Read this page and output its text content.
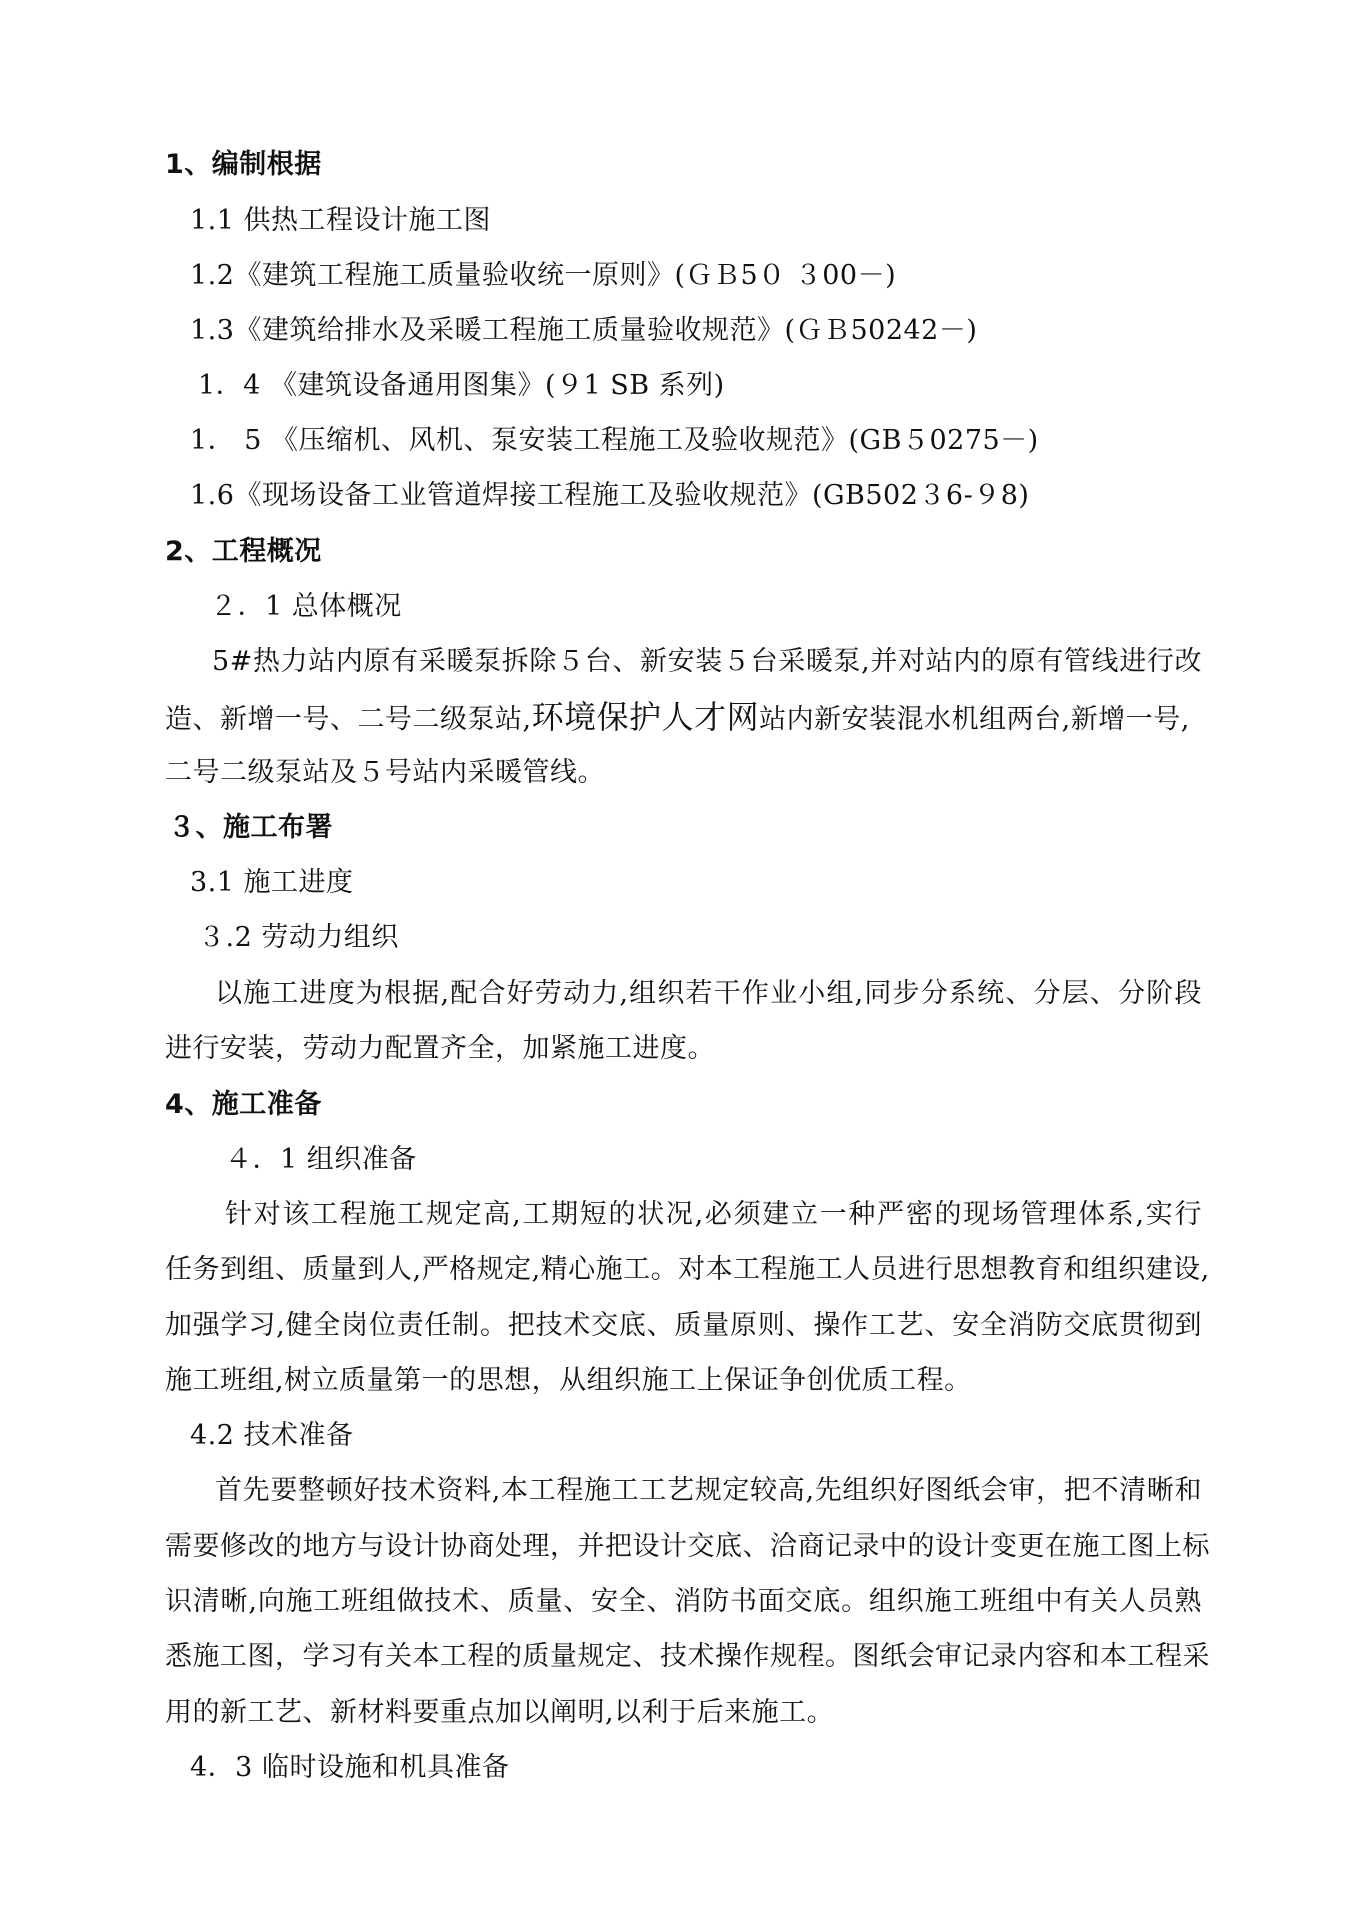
1、编制根据
1.1 供热工程设计施工图
1.2《建筑工程施工质量验收统一原则》(ＧＢ5０ ３00－)
1.3《建筑给排水及采暖工程施工质量验收规范》(ＧＢ50242－)
1．4 《建筑设备通用图集》(９1 SB 系列)
1． 5 《压缩机、风机、泵安装工程施工及验收规范》(GB５0275－)
1.6《现场设备工业管道焊接工程施工及验收规范》(GB502３6-９8)
2、工程概况
２．1 总体概况
5#热力站内原有采暖泵拆除５台、新安装５台采暖泵,并对站内的原有管线进行改
造、新增一号、二号二级泵站,环境保护人才网站内新安装混水机组两台,新增一号,
二号二级泵站及５号站内采暖管线。
３、施工布署
3.1 施工进度
３.2 劳动力组织
以施工进度为根据,配合好劳动力,组织若干作业小组,同步分系统、分层、分阶段
进行安装，劳动力配置齐全，加紧施工进度。
4、施工准备
４．1 组织准备
针对该工程施工规定高,工期短的状况,必须建立一种严密的现场管理体系,实行
任务到组、质量到人,严格规定,精心施工。对本工程施工人员进行思想教育和组织建设,
加强学习,健全岗位责任制。把技术交底、质量原则、操作工艺、安全消防交底贯彻到
施工班组,树立质量第一的思想，从组织施工上保证争创优质工程。
4.2 技术准备
首先要整顿好技术资料,本工程施工工艺规定较高,先组织好图纸会审，把不清晰和
需要修改的地方与设计协商处理，并把设计交底、洽商记录中的设计变更在施工图上标
识清晰,向施工班组做技术、质量、安全、消防书面交底。组织施工班组中有关人员熟
悉施工图，学习有关本工程的质量规定、技术操作规程。图纸会审记录内容和本工程采
用的新工艺、新材料要重点加以阐明,以利于后来施工。
4．3 临时设施和机具准备
